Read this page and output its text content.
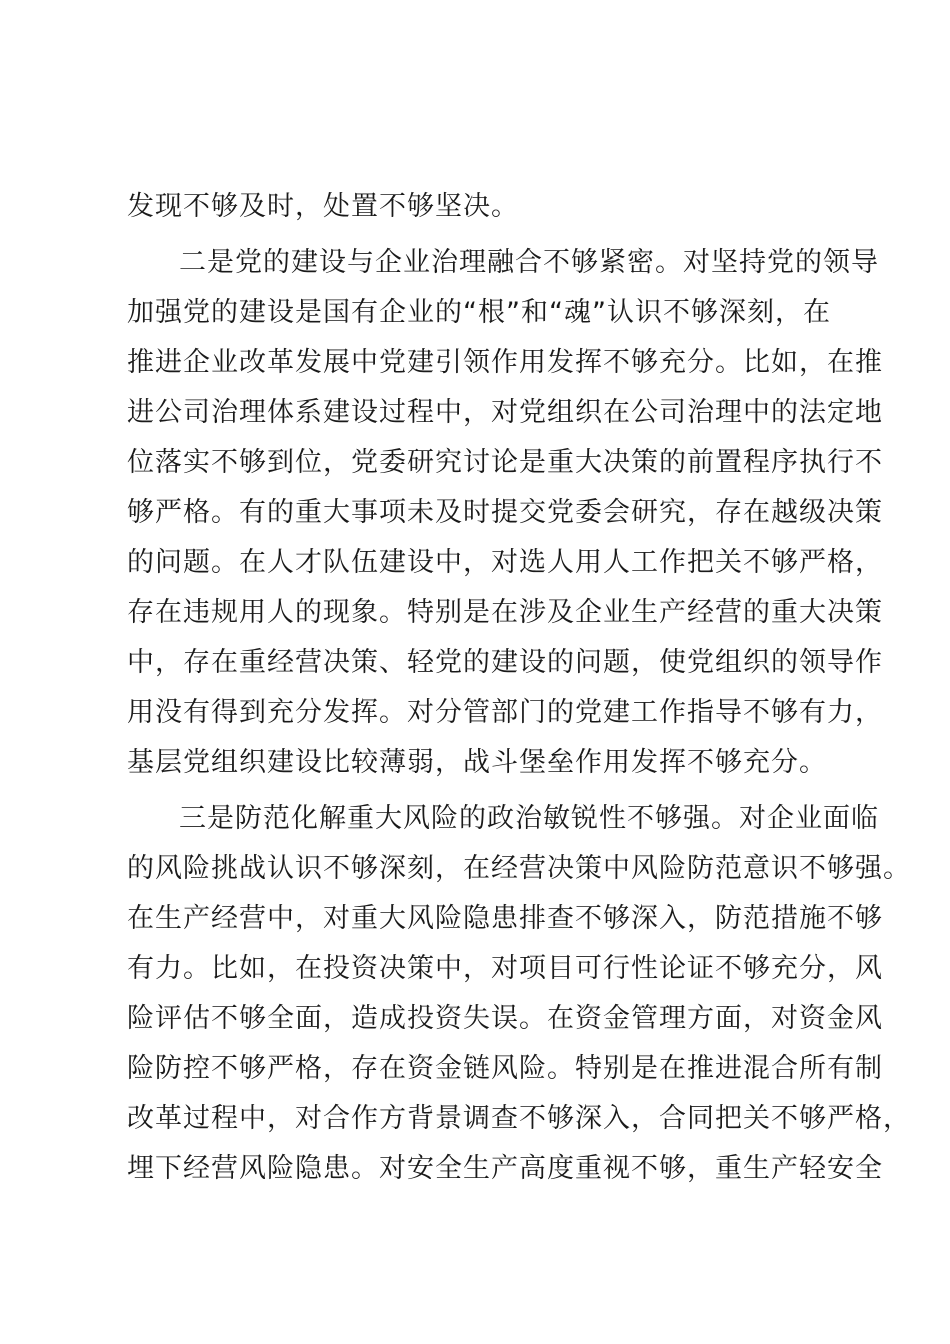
发现不够及时，处置不够坚决。
二是党的建设与企业治理融合不够紧密。对坚持党的领导
加强党的建设是国有企业的“根”和“魂”认识不够深刻，在
推进企业改革发展中党建引领作用发挥不够充分。比如，在推
进公司治理体系建设过程中，对党组织在公司治理中的法定地
位落实不够到位，党委研究讨论是重大决策的前置程序执行不
够严格。有的重大事项未及时提交党委会研究，存在越级决策
的问题。在人才队伍建设中，对选人用人工作把关不够严格，
存在违规用人的现象。特别是在涉及企业生产经营的重大决策
中，存在重经营决策、轻党的建设的问题，使党组织的领导作
用没有得到充分发挥。对分管部门的党建工作指导不够有力，
基层党组织建设比较薄弱，战斗堡垒作用发挥不够充分。
三是防范化解重大风险的政治敏锐性不够强。对企业面临
的风险挑战认识不够深刻，在经营决策中风险防范意识不够强。
在生产经营中，对重大风险隐患排查不够深入，防范措施不够
有力。比如，在投资决策中，对项目可行性论证不够充分，风
险评估不够全面，造成投资失误。在资金管理方面，对资金风
险防控不够严格，存在资金链风险。特别是在推进混合所有制
改革过程中，对合作方背景调查不够深入，合同把关不够严格，
埋下经营风险隐患。对安全生产高度重视不够，重生产轻安全
